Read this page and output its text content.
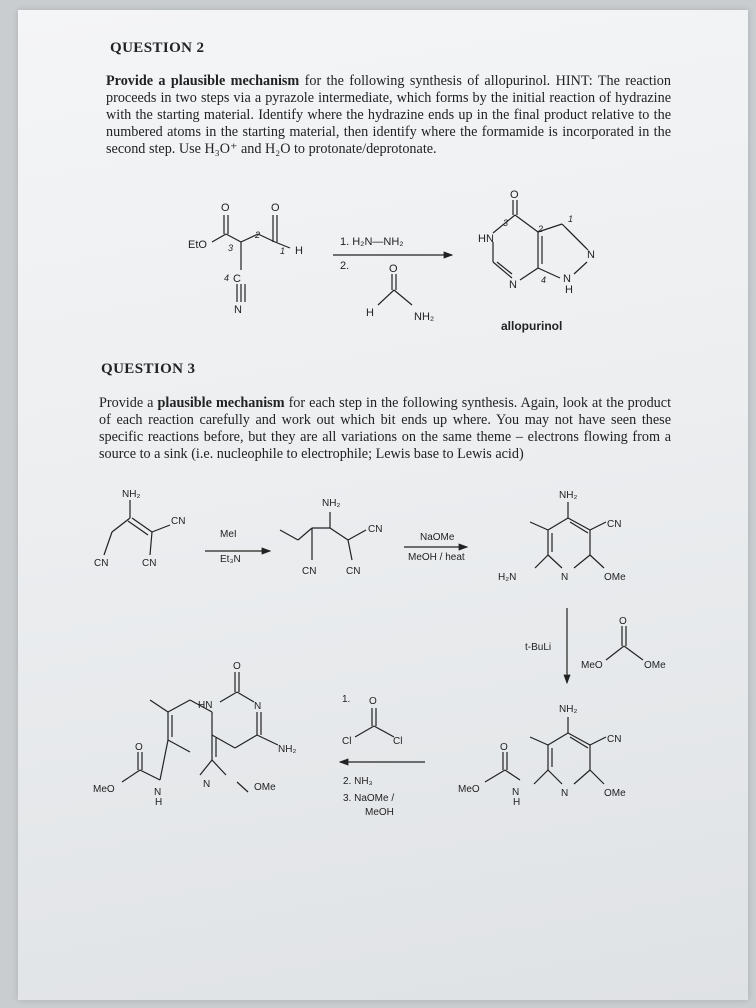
QUESTION 2

Provide a plausible mechanism for the following synthesis of allopurinol. HINT: The reaction proceeds in two steps via a pyrazole intermediate, which forms by the initial reaction of hydrazine with the starting material. Identify where the hydrazine ends up in the final product relative to the numbered atoms in the starting material, then identify where the formamide is incorporated in the second step. Use H₃O⁺ and H₂O to protonate/deprotonate.

QUESTION 3

Provide a plausible mechanism for each step in the following synthesis. Again, look at the product of each reaction carefully and work out which bit ends up where. You may not have seen these specific reactions before, but they are all variations on the same theme – electrons flowing from a source to a sink (i.e. nucleophile to electrophile; Lewis base to Lewis acid)

EtO
O	O
H
C
N
3
2
1
4
1. H₂N—NH₂
2.	O
H	NH₂
O
HN
N
N
N
H
3
2
1
4
allopurinol
NH₂
CN
CN	CN
MeI
Et₃N
NH₂
CN
CN	CN
NaOMe
MeOH / heat
NH₂
CN
H₂N	N	OMe
t-BuLi
O
MeO	OMe
NH₂
CN
N	OMe
O
MeO	N
H
1. O
Cl	Cl
2. NH₃
3. NaOMe /
MeOH
O
HN	N
NH₂
N	OMe
O
MeO	N
H
